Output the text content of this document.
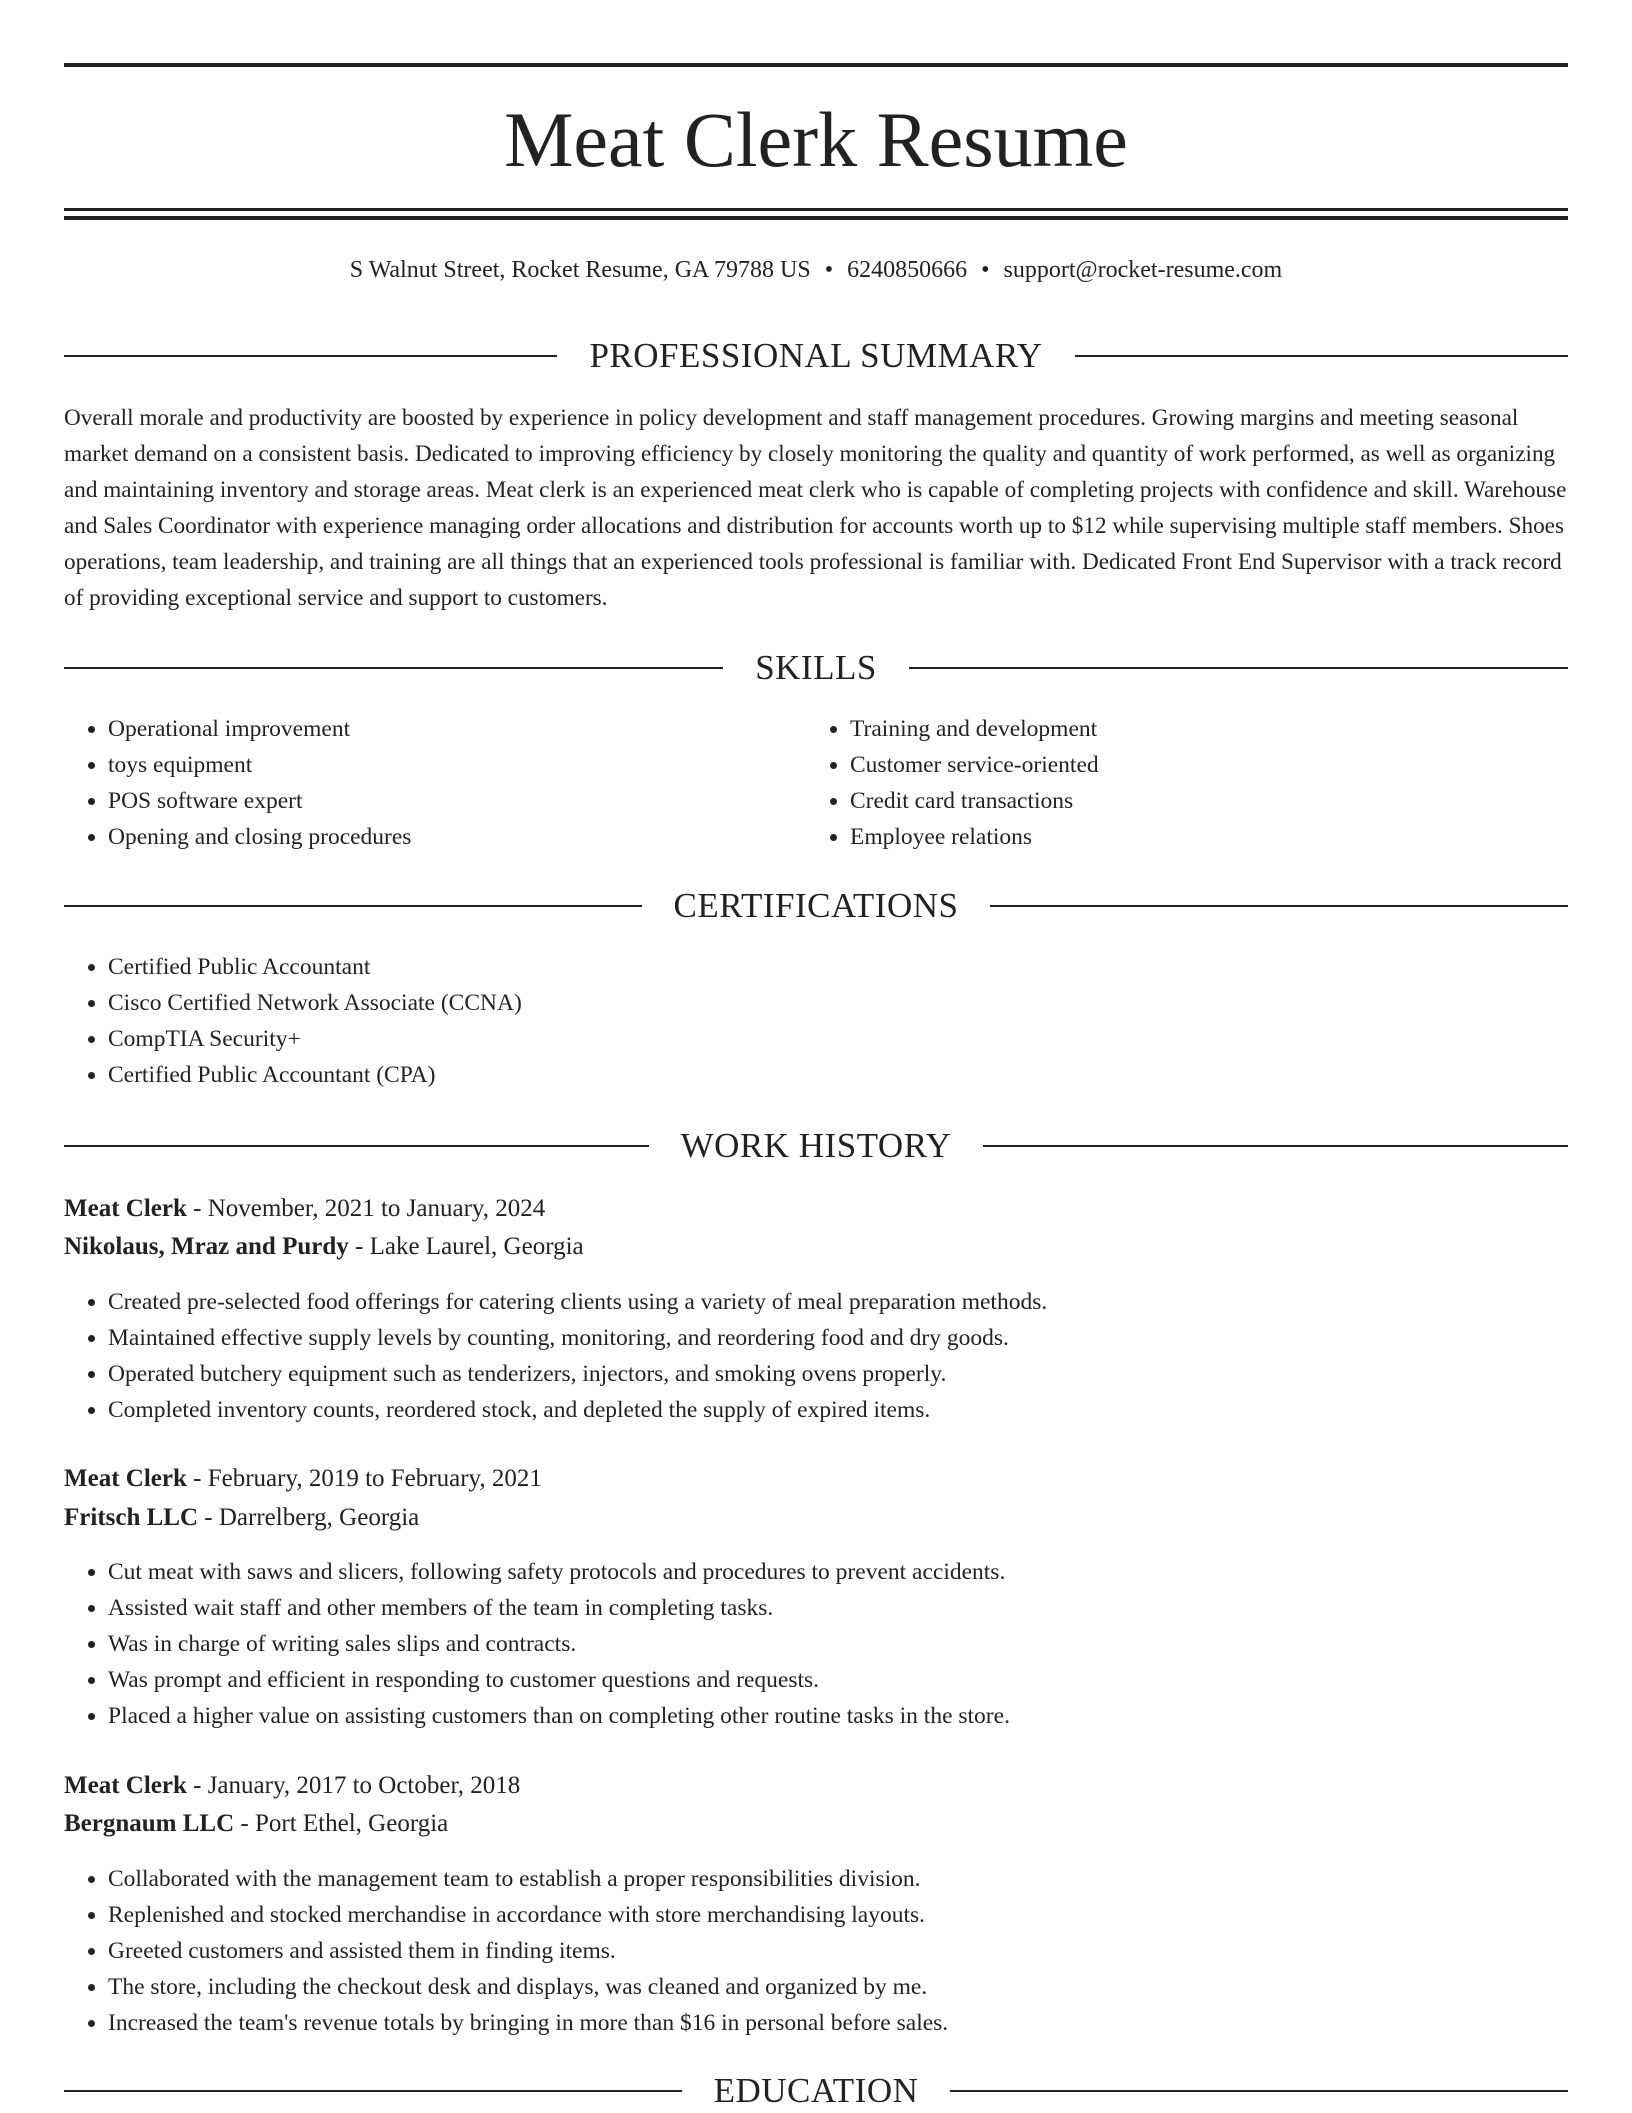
Meat Clerk Resume
S Walnut Street, Rocket Resume, GA 79788 US • 6240850666 • support@rocket-resume.com
PROFESSIONAL SUMMARY

Overall morale and productivity are boosted by experience in policy development and staff management procedures. Growing margins and meeting seasonal market demand on a consistent basis. Dedicated to improving efficiency by closely monitoring the quality and quantity of work performed, as well as organizing and maintaining inventory and storage areas. Meat clerk is an experienced meat clerk who is capable of completing projects with confidence and skill. Warehouse and Sales Coordinator with experience managing order allocations and distribution for accounts worth up to $12 while supervising multiple staff members. Shoes operations, team leadership, and training are all things that an experienced tools professional is familiar with. Dedicated Front End Supervisor with a track record of providing exceptional service and support to customers.

SKILLS
• Operational improvement
• toys equipment
• POS software expert
• Opening and closing procedures
• Training and development
• Customer service-oriented
• Credit card transactions
• Employee relations
CERTIFICATIONS
• Certified Public Accountant
• Cisco Certified Network Associate (CCNA)
• CompTIA Security+
• Certified Public Accountant (CPA)
WORK HISTORY
Meat Clerk - November, 2021 to January, 2024
Nikolaus, Mraz and Purdy - Lake Laurel, Georgia
• Created pre-selected food offerings for catering clients using a variety of meal preparation methods.
• Maintained effective supply levels by counting, monitoring, and reordering food and dry goods.
• Operated butchery equipment such as tenderizers, injectors, and smoking ovens properly.
• Completed inventory counts, reordered stock, and depleted the supply of expired items.
Meat Clerk - February, 2019 to February, 2021
Fritsch LLC - Darrelberg, Georgia
• Cut meat with saws and slicers, following safety protocols and procedures to prevent accidents.
• Assisted wait staff and other members of the team in completing tasks.
• Was in charge of writing sales slips and contracts.
• Was prompt and efficient in responding to customer questions and requests.
• Placed a higher value on assisting customers than on completing other routine tasks in the store.
Meat Clerk - January, 2017 to October, 2018
Bergnaum LLC - Port Ethel, Georgia
• Collaborated with the management team to establish a proper responsibilities division.
• Replenished and stocked merchandise in accordance with store merchandising layouts.
• Greeted customers and assisted them in finding items.
• The store, including the checkout desk and displays, was cleaned and organized by me.
• Increased the team's revenue totals by bringing in more than $16 in personal before sales.
EDUCATION
